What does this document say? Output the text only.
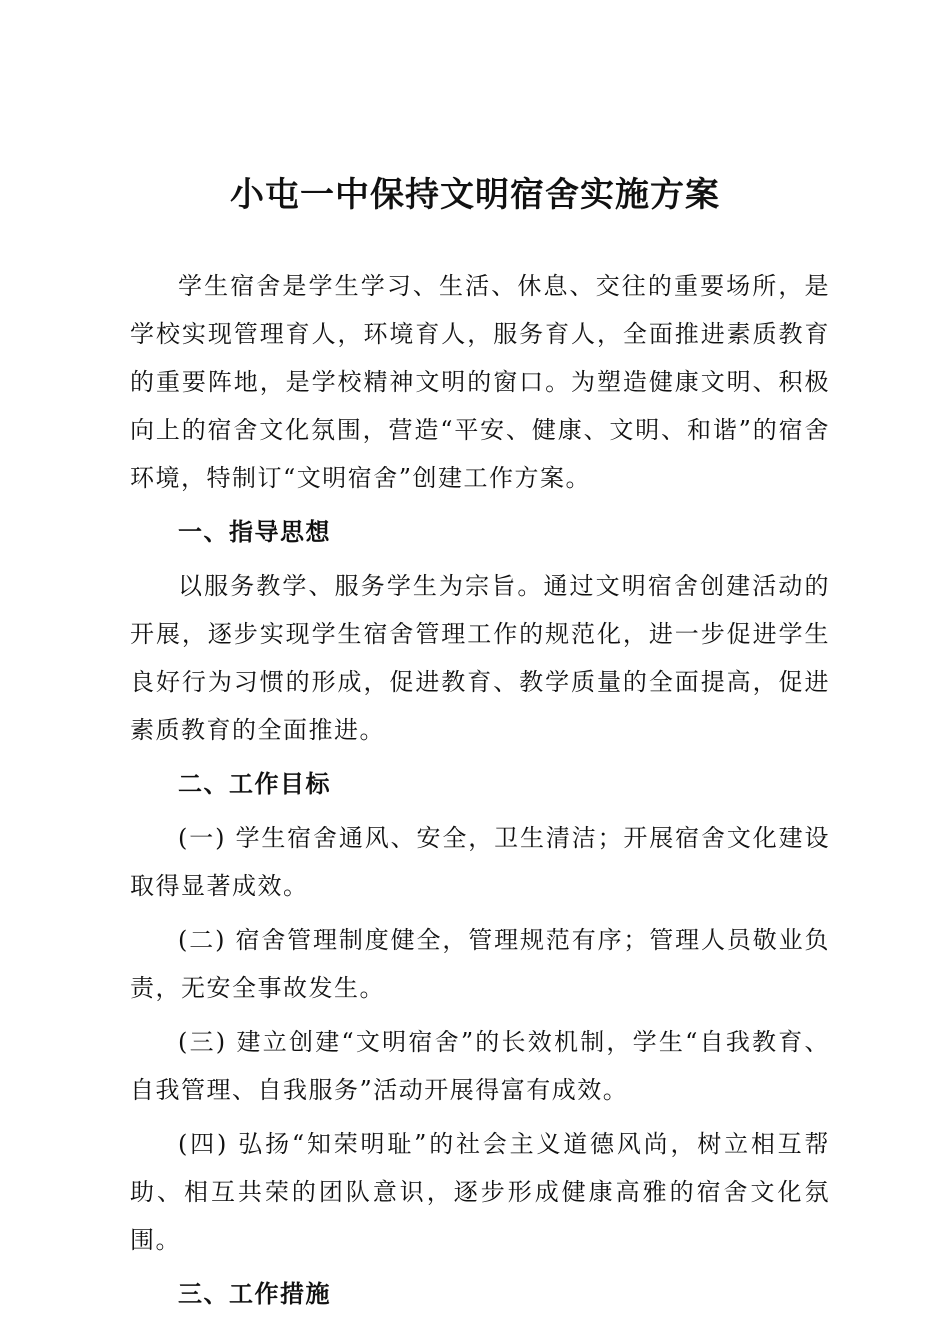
小屯一中保持文明宿舍实施方案

学生宿舍是学生学习、生活、休息、交往的重要场所，是学校实现管理育人，环境育人，服务育人，全面推进素质教育的重要阵地，是学校精神文明的窗口。为塑造健康文明、积极向上的宿舍文化氛围，营造“平安、健康、文明、和谐”的宿舍环境，特制订“文明宿舍”创建工作方案。

一、指导思想

以服务教学、服务学生为宗旨。通过文明宿舍创建活动的开展，逐步实现学生宿舍管理工作的规范化，进一步促进学生良好行为习惯的形成，促进教育、教学质量的全面提高，促进素质教育的全面推进。

二、工作目标

(一) 学生宿舍通风、安全，卫生清洁；开展宿舍文化建设取得显著成效。

(二) 宿舍管理制度健全，管理规范有序；管理人员敬业负责，无安全事故发生。

(三) 建立创建“文明宿舍”的长效机制，学生“自我教育、自我管理、自我服务”活动开展得富有成效。

(四) 弘扬“知荣明耻”的社会主义道德风尚，树立相互帮助、相互共荣的团队意识，逐步形成健康高雅的宿舍文化氛围。

三、工作措施
